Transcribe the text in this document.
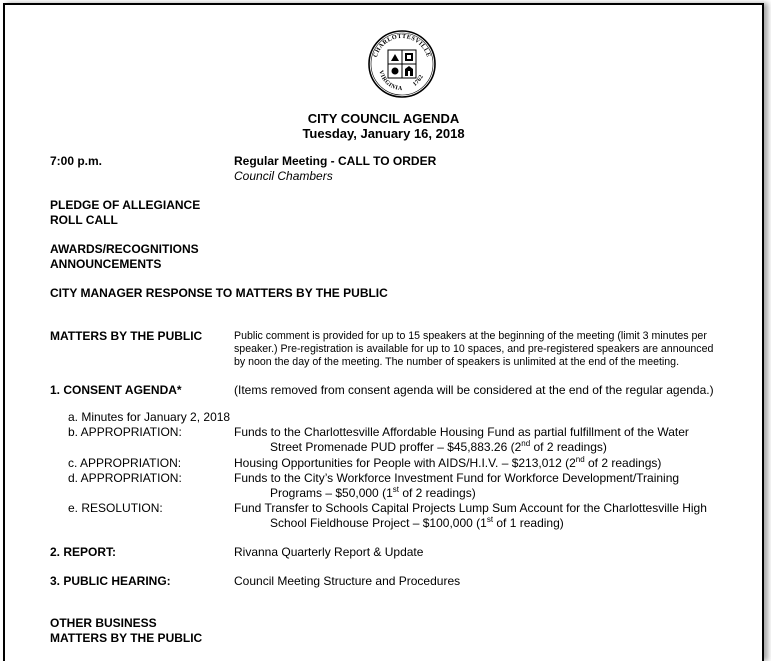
CHARLOTTESVILLE
VIRGINIA
1762
CITY COUNCIL AGENDA
Tuesday, January 16, 2018
7:00 p.m.	Regular Meeting - CALL TO ORDER
Council Chambers
PLEDGE OF ALLEGIANCE
ROLL CALL
AWARDS/RECOGNITIONS
ANNOUNCEMENTS
CITY MANAGER RESPONSE TO MATTERS BY THE PUBLIC
MATTERS BY THE PUBLIC	Public comment is provided for up to 15 speakers at the beginning of the meeting (limit 3 minutes per
speaker.) Pre-registration is available for up to 10 spaces, and pre-registered speakers are announced
by noon the day of the meeting. The number of speakers is unlimited at the end of the meeting.
1. CONSENT AGENDA*	(Items removed from consent agenda will be considered at the end of the regular agenda.)
a. Minutes for January 2, 2018
b. APPROPRIATION:	Funds to the Charlottesville Affordable Housing Fund as partial fulfillment of the Water
Street Promenade PUD proffer – $45,883.26 (2nd of 2 readings)
c. APPROPRIATION:	Housing Opportunities for People with AIDS/H.I.V. – $213,012 (2nd of 2 readings)
d. APPROPRIATION:	Funds to the City’s Workforce Investment Fund for Workforce Development/Training
Programs – $50,000 (1st of 2 readings)
e. RESOLUTION:	Fund Transfer to Schools Capital Projects Lump Sum Account for the Charlottesville High
School Fieldhouse Project – $100,000 (1st of 1 reading)
2. REPORT:	Rivanna Quarterly Report & Update
3. PUBLIC HEARING:	Council Meeting Structure and Procedures
OTHER BUSINESS
MATTERS BY THE PUBLIC
